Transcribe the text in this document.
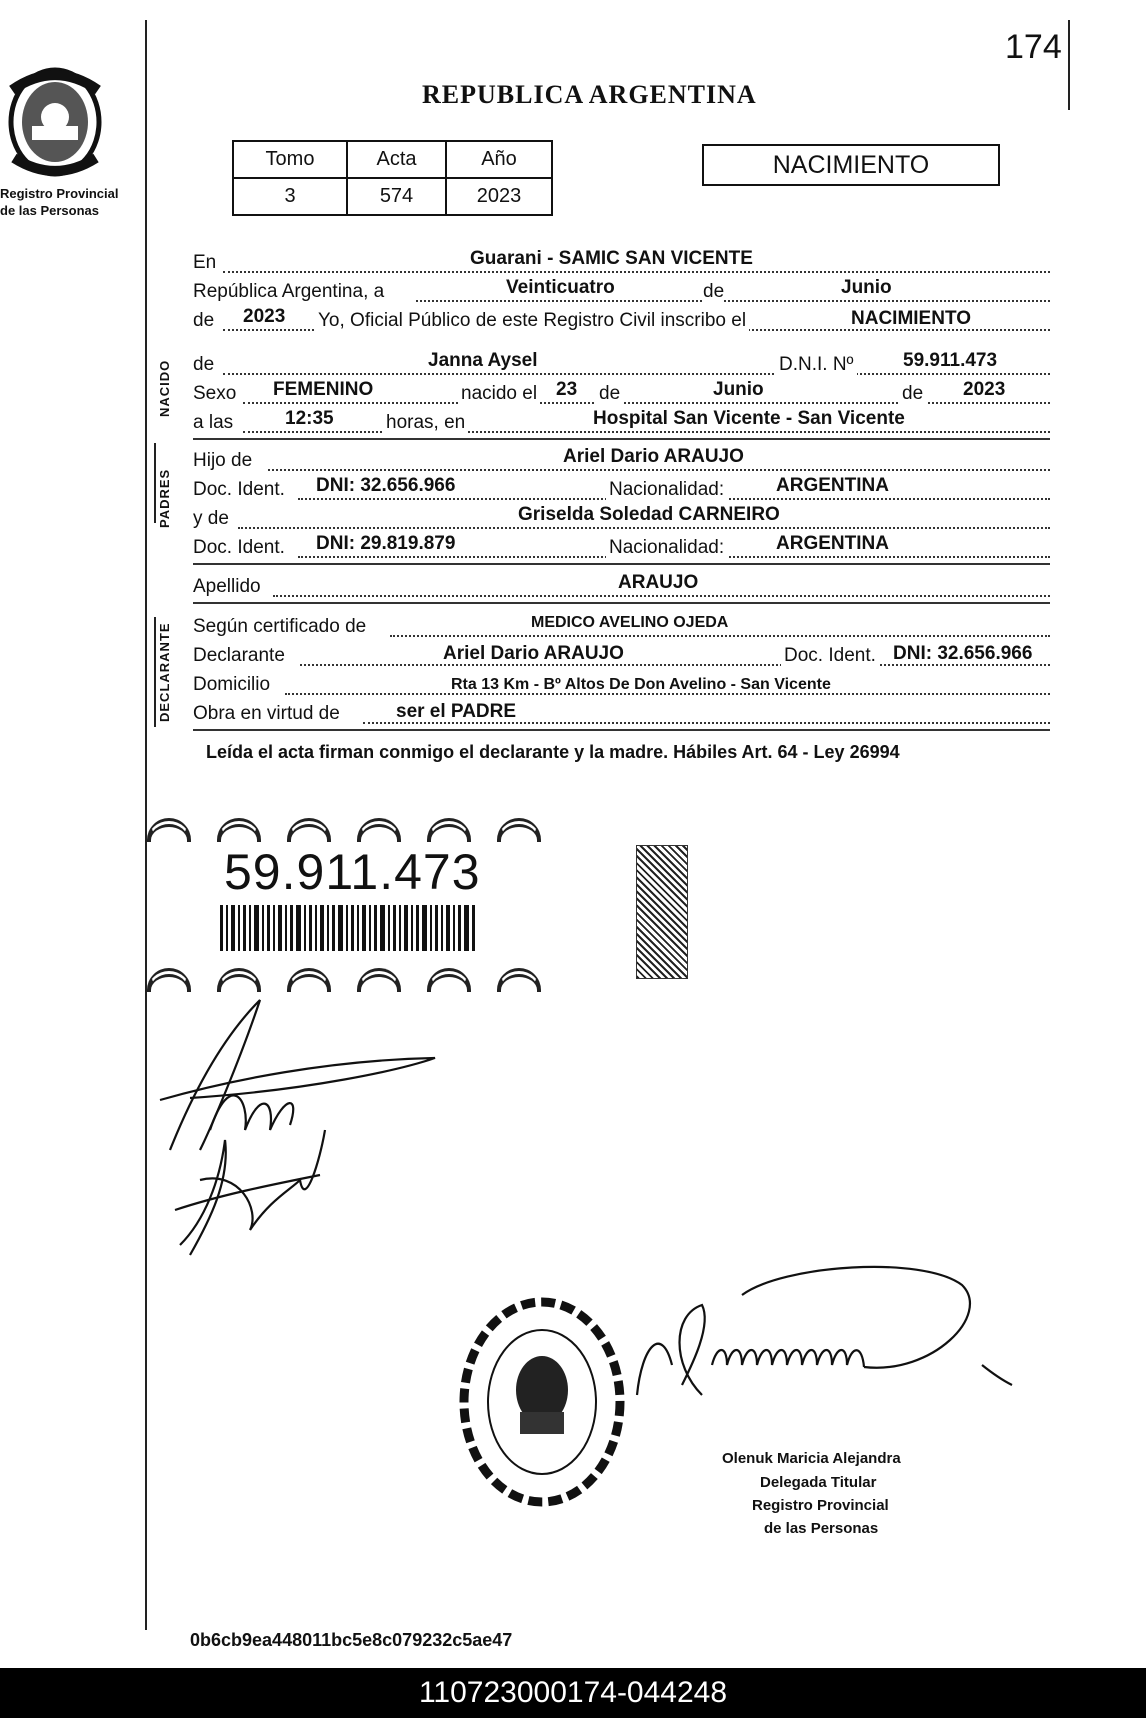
174
Registro Provincial
de las Personas
REPUBLICA ARGENTINA
Tomo	Acta	Año
3	574	2023
NACIMIENTO
NACIDO
PADRES
DECLARANTE
En	Guarani - SAMIC SAN VICENTE
República Argentina, a	Veinticuatro	de	Junio
de 2023 Yo, Oficial Público de este Registro Civil inscribo el	NACIMIENTO
de	Janna Aysel	D.N.I. Nº	59.911.473
Sexo FEMENINO	nacido el 23 de	Junio	de 2023
a las	12:35	horas, en	Hospital San Vicente - San Vicente
Hijo de	Ariel Dario ARAUJO
Doc. Ident. DNI: 32.656.966	Nacionalidad:	ARGENTINA
y de	Griselda Soledad CARNEIRO
Doc. Ident. DNI: 29.819.879	Nacionalidad:	ARGENTINA
Apellido	ARAUJO
Según certificado de	MEDICO AVELINO OJEDA
Declarante	Ariel Dario ARAUJO	Doc. Ident. DNI: 32.656.966
Domicilio	Rta 13 Km - Bº Altos De Don Avelino - San Vicente
Obra en virtud de	ser el PADRE
Leída el acta firman conmigo el declarante y la madre. Hábiles Art. 64 - Ley 26994
59.911.473
Olenuk Maricia Alejandra
Delegada Titular
Registro Provincial
de las Personas
0b6cb9ea448011bc5e8c079232c5ae47
110723000174-044248
